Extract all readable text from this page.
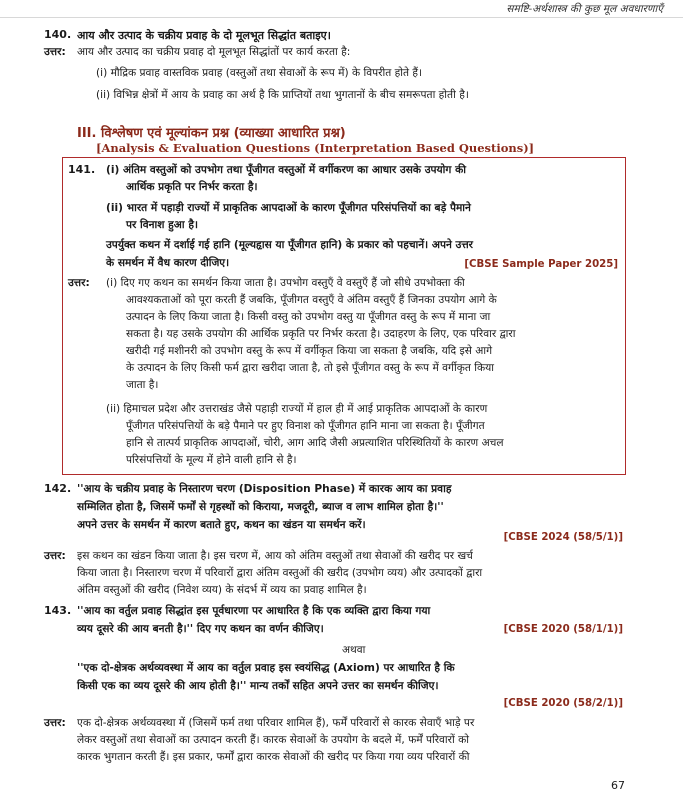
समष्टि-अर्थशास्त्र की कुछ मूल अवधारणाएँ
140. आय और उत्पाद के चक्रीय प्रवाह के दो मूलभूत सिद्धांत बताइए।
उत्तर: आय और उत्पाद का चक्रीय प्रवाह दो मूलभूत सिद्धांतों पर कार्य करता है:
(i) मौद्रिक प्रवाह वास्तविक प्रवाह (वस्तुओं तथा सेवाओं के रूप में) के विपरीत होते हैं।
(ii) विभिन्न क्षेत्रों में आय के प्रवाह का अर्थ है कि प्राप्तियों तथा भुगतानों के बीच समरूपता होती है।
III. विश्लेषण एवं मूल्यांकन प्रश्न (व्याख्या आधारित प्रश्न)
[Analysis & Evaluation Questions (Interpretation Based Questions)]
141. (i) अंतिम वस्तुओं को उपभोग तथा पूँजीगत वस्तुओं में वर्गीकरण का आधार उसके उपयोग की
आर्थिक प्रकृति पर निर्भर करता है।
(ii) भारत में पहाड़ी राज्यों में प्राकृतिक आपदाओं के कारण पूँजीगत परिसंपत्तियों का बड़े पैमाने
पर विनाश हुआ है।
उपर्युक्त कथन में दर्शाई गई हानि (मूल्यहृास या पूँजीगत हानि) के प्रकार को पहचानें। अपने उत्तर
के समर्थन में वैध कारण दीजिए।	[CBSE Sample Paper 2025]
उत्तर: (i) दिए गए कथन का समर्थन किया जाता है। उपभोग वस्तुएँ वे वस्तुएँ हैं जो सीधे उपभोक्ता की
आवश्यकताओं को पूरा करती हैं जबकि, पूँजीगत वस्तुएँ वे अंतिम वस्तुएँ हैं जिनका उपयोग आगे के
उत्पादन के लिए किया जाता है। किसी वस्तु को उपभोग वस्तु या पूँजीगत वस्तु के रूप में माना जा
सकता है। यह उसके उपयोग की आर्थिक प्रकृति पर निर्भर करता है। उदाहरण के लिए, एक परिवार द्वारा
खरीदी गई मशीनरी को उपभोग वस्तु के रूप में वर्गीकृत किया जा सकता है जबकि, यदि इसे आगे
के उत्पादन के लिए किसी फर्म द्वारा खरीदा जाता है, तो इसे पूँजीगत वस्तु के रूप में वर्गीकृत किया
जाता है।
(ii) हिमाचल प्रदेश और उत्तराखंड जैसे पहाड़ी राज्यों में हाल ही में आई प्राकृतिक आपदाओं के कारण
पूँजीगत परिसंपत्तियों के बड़े पैमाने पर हुए विनाश को पूँजीगत हानि माना जा सकता है। पूँजीगत
हानि से तात्पर्य प्राकृतिक आपदाओं, चोरी, आग आदि जैसी अप्रत्याशित परिस्थितियों के कारण अचल
परिसंपत्तियों के मूल्य में होने वाली हानि से है।
142. ''आय के चक्रीय प्रवाह के निस्तारण चरण (Disposition Phase) में कारक आय का प्रवाह
सम्मिलित होता है, जिसमें फर्मों से गृहस्थों को किराया, मजदूरी, ब्याज व लाभ शामिल होता है।''
अपने उत्तर के समर्थन में कारण बताते हुए, कथन का खंडन या समर्थन करें।
[CBSE 2024 (58/5/1)]
उत्तर: इस कथन का खंडन किया जाता है। इस चरण में, आय को अंतिम वस्तुओं तथा सेवाओं की खरीद पर खर्च
किया जाता है। निस्तारण चरण में परिवारों द्वारा अंतिम वस्तुओं की खरीद (उपभोग व्यय) और उत्पादकों द्वारा
अंतिम वस्तुओं की खरीद (निवेश व्यय) के संदर्भ में व्यय का प्रवाह शामिल है।
143. ''आय का वर्तुल प्रवाह सिद्धांत इस पूर्वधारणा पर आधारित है कि एक व्यक्ति द्वारा किया गया
व्यय दूसरे की आय बनती है।'' दिए गए कथन का वर्णन कीजिए।	[CBSE 2020 (58/1/1)]
अथवा
''एक दो-क्षेत्रक अर्थव्यवस्था में आय का वर्तुल प्रवाह इस स्वयंसिद्ध (Axiom) पर आधारित है कि
किसी एक का व्यय दूसरे की आय होती है।'' मान्य तर्कों सहित अपने उत्तर का समर्थन कीजिए।
[CBSE 2020 (58/2/1)]
उत्तर: एक दो-क्षेत्रक अर्थव्यवस्था में (जिसमें फर्म तथा परिवार शामिल हैं), फर्में परिवारों से कारक सेवाएँ भाड़े पर
लेकर वस्तुओं तथा सेवाओं का उत्पादन करती हैं। कारक सेवाओं के उपयोग के बदले में, फर्में परिवारों को
कारक भुगतान करती हैं। इस प्रकार, फर्मों द्वारा कारक सेवाओं की खरीद पर किया गया व्यय परिवारों की
67
